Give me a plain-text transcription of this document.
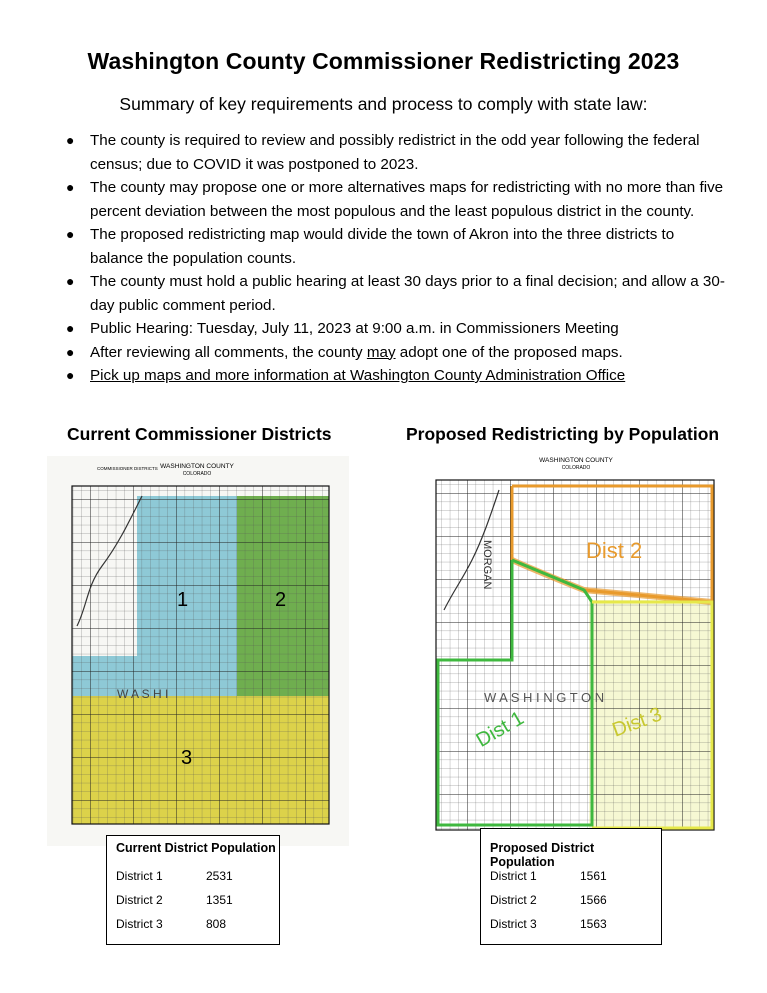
Washington County Commissioner Redistricting 2023
Summary of key requirements and process to comply with state law:
● The county is required to review and possibly redistrict in the odd year following the federal census; due to COVID it was postponed to 2023.
● The county may propose one or more alternatives maps for redistricting with no more than five percent deviation between the most populous and the least populous district in the county.
● The proposed redistricting map would divide the town of Akron into the three districts to balance the population counts.
● The county must hold a public hearing at least 30 days prior to a final decision; and allow a 30-day public comment period.
● Public Hearing: Tuesday, July 11, 2023 at 9:00 a.m. in Commissioners Meeting
● After reviewing all comments, the county may adopt one of the proposed maps.
● Pick up maps and more information at Washington County Administration Office
Current Commissioner Districts	Proposed Redistricting by Population
WASHINGTON COUNTY
COLORADO
COMMISSIONER DISTRICTS
1	2
3
W A S H I
WASHINGTON COUNTY
COLORADO
Dist 2
Dist 1	Dist 3
W A S H I N G T O N
MORGAN
Current District Population
District 1	2531
District 2	1351
District 3	808
Proposed District Population
District 1	1561
District 2	1566
District 3	1563
